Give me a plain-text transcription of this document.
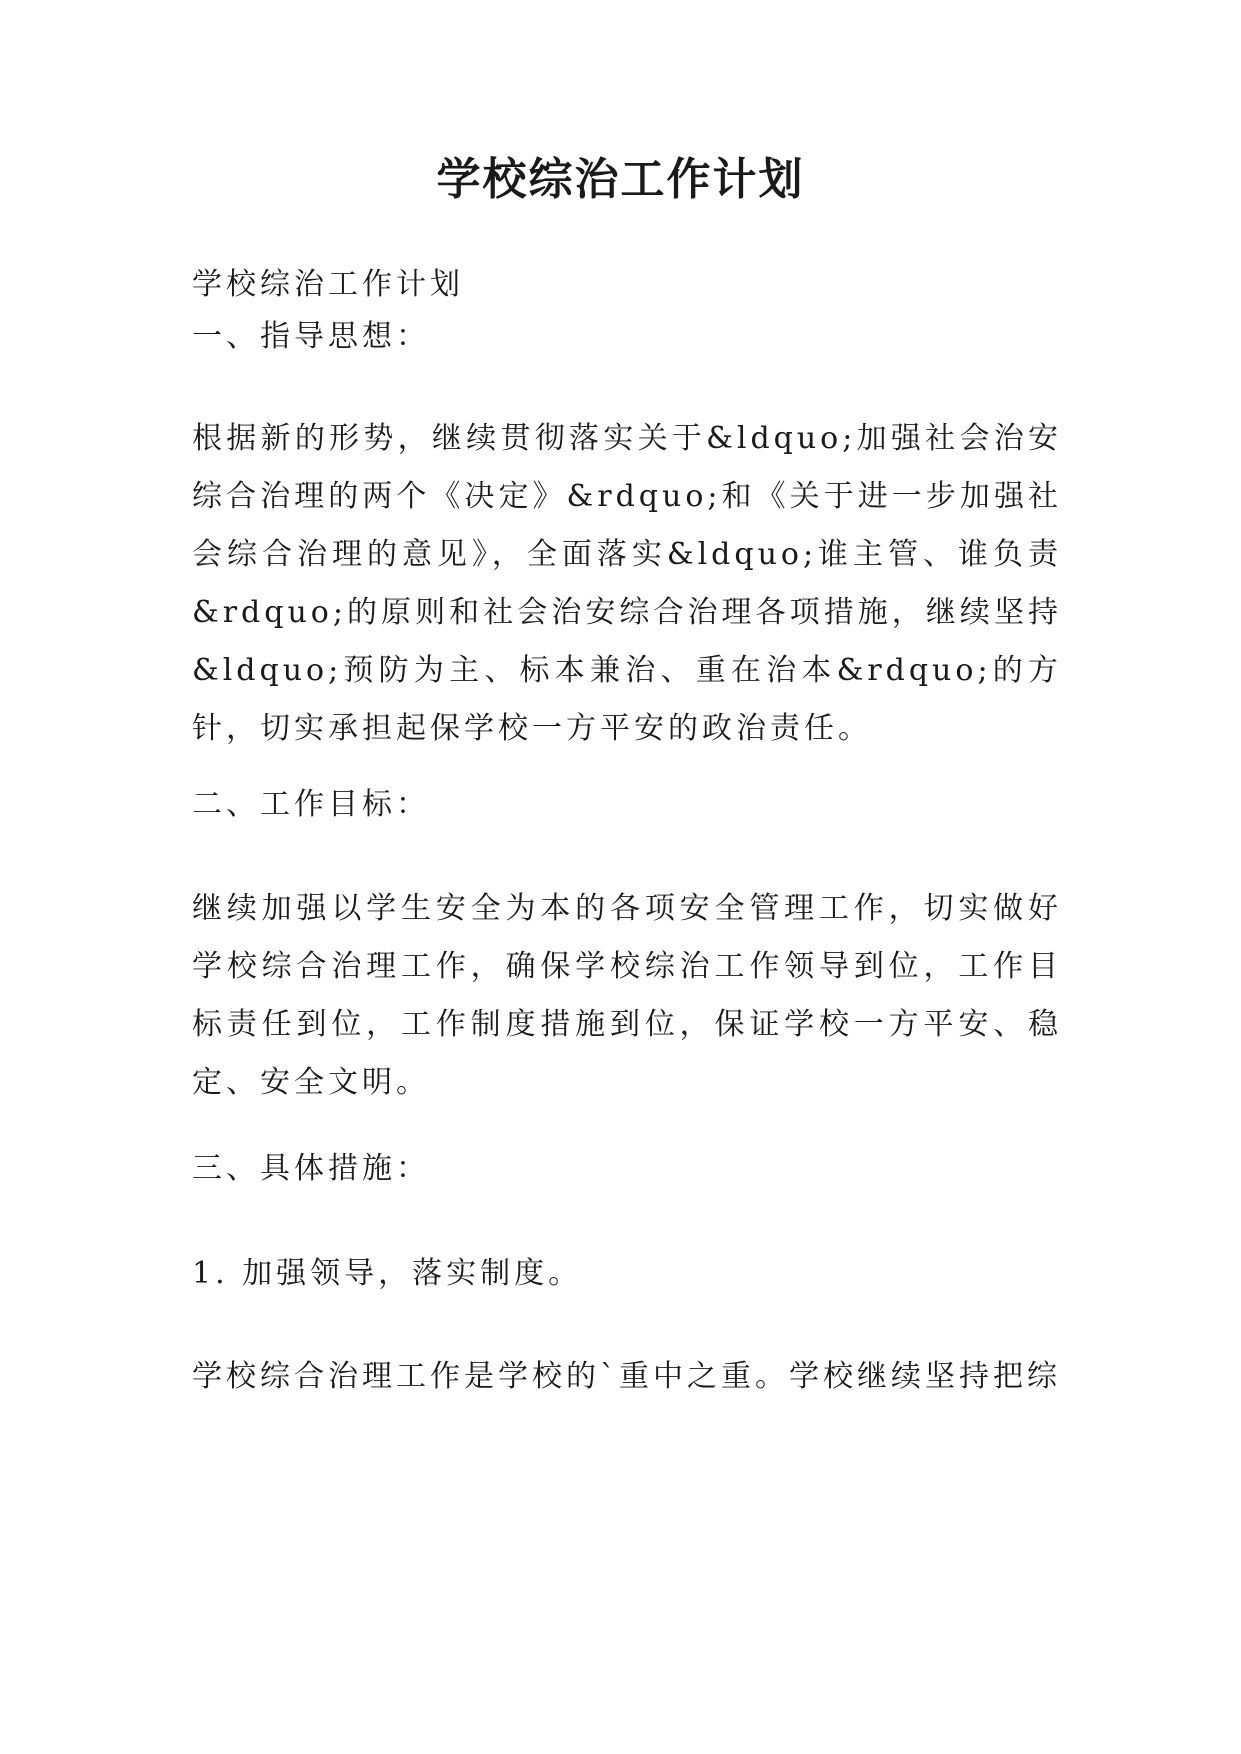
学校综治工作计划
学校综治工作计划
一、指导思想：
根据新的形势，继续贯彻落实关于&ldquo;加强社会治安综合治理的两个《决定》&rdquo;和《关于进一步加强社会综合治理的意见》，全面落实&ldquo;谁主管、谁负责&rdquo;的原则和社会治安综合治理各项措施，继续坚持&ldquo;预防为主、标本兼治、重在治本&rdquo;的方针，切实承担起保学校一方平安的政治责任。
二、工作目标：
继续加强以学生安全为本的各项安全管理工作，切实做好学校综合治理工作，确保学校综治工作领导到位，工作目标责任到位，工作制度措施到位，保证学校一方平安、稳定、安全文明。
三、具体措施：
1. 加强领导，落实制度。
学校综合治理工作是学校的`重中之重。学校继续坚持把综
